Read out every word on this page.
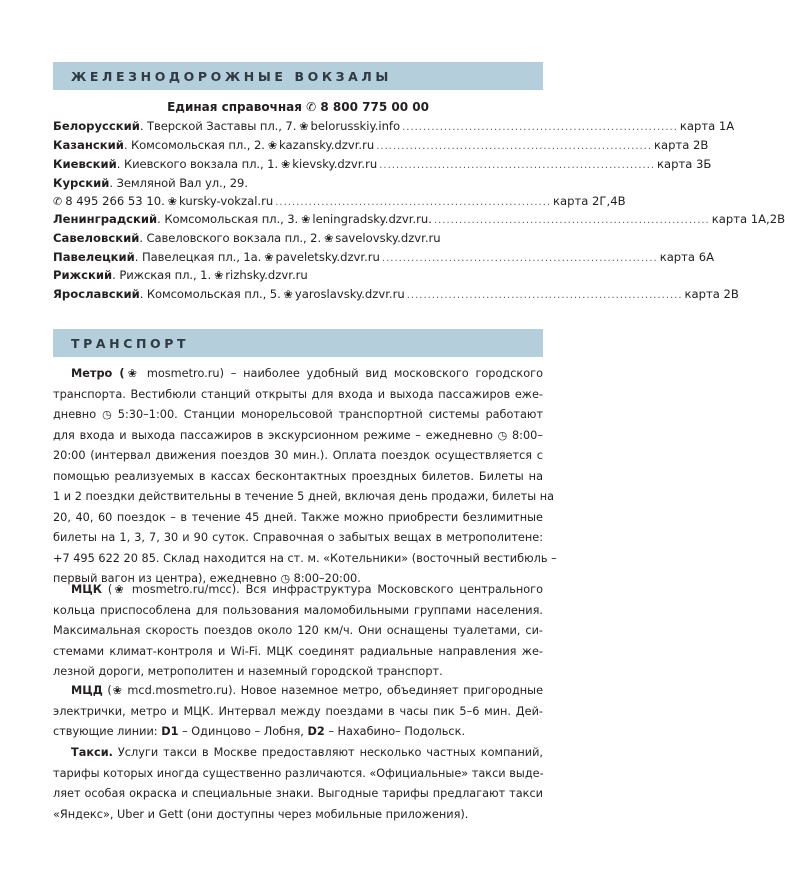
ЖЕЛЕЗНОДОРОЖНЫЕ ВОКЗАЛЫ
Единая справочная ✆ 8 800 775 00 00
Белорусский . Тверской Заставы пл., 7. ❀ belorusskiy.info .................................................................. карта 1А
Казанский . Комсомольская пл., 2. ❀ kazansky.dzvr.ru .................................................................. карта 2В
Киевский . Киевского вокзала пл., 1. ❀ kievsky.dzvr.ru .................................................................. карта 3Б
Курский . Земляной Вал ул., 29.
✆ 8 495 266 53 10. ❀ kursky-vokzal.ru .................................................................. карта 2Г,4В
Ленинградский . Комсомольская пл., 3. ❀ leningradsky.dzvr.ru. .................................................................. карта 1А,2В
Савеловский . Савеловского вокзала пл., 2. ❀ savelovsky.dzvr.ru
Павелецкий . Павелецкая пл., 1а. ❀ paveletsky.dzvr.ru .................................................................. карта 6А
Рижский . Рижская пл., 1. ❀ rizhsky.dzvr.ru
Ярославский . Комсомольская пл., 5. ❀ yaroslavsky.dzvr.ru .................................................................. карта 2В
ТРАНСПОРТ
Метро (❀ mosmetro.ru) – наиболее удобный вид московского городского
транспорта. Вестибюли станций открыты для входа и выхода пассажиров еже-
дневно ◷ 5:30–1:00. Станции монорельсовой транспортной системы работают
для входа и выхода пассажиров в экскурсионном режиме – ежедневно ◷ 8:00–
20:00 (интервал движения поездов 30 мин.). Оплата поездок осуществляется с
помощью реализуемых в кассах бесконтактных проездных билетов. Билеты на
1 и 2 поездки действительны в течение 5 дней, включая день продажи, билеты на
20, 40, 60 поездок – в течение 45 дней. Также можно приобрести безлимитные
билеты на 1, 3, 7, 30 и 90 суток. Справочная о забытых вещах в метрополитене:
+7 495 622 20 85. Склад находится на ст. м. «Котельники» (восточный вестибюль –
первый вагон из центра), ежедневно ◷ 8:00–20:00.
МЦК (❀ mosmetro.ru/mcc). Вся инфраструктура Московского центрального
кольца приспособлена для пользования маломобильными группами населения.
Максимальная скорость поездов около 120 км/ч. Они оснащены туалетами, си-
стемами климат-контроля и Wi-Fi. МЦК соединят радиальные направления же-
лезной дороги, метрополитен и наземный городской транспорт.
МЦД (❀ mcd.mosmetro.ru). Новое наземное метро, объединяет пригородные
электрички, метро и МЦК. Интервал между поездами в часы пик 5–6 мин. Дей-
ствующие линии: D1 – Одинцово – Лобня, D2 – Нахабино– Подольск.
Такси. Услуги такси в Москве предоставляют несколько частных компаний,
тарифы которых иногда существенно различаются. «Официальные» такси выде-
ляет особая окраска и специальные знаки. Выгодные тарифы предлагают такси
«Яндекс», Uber и Gett (они доступны через мобильные приложения).
